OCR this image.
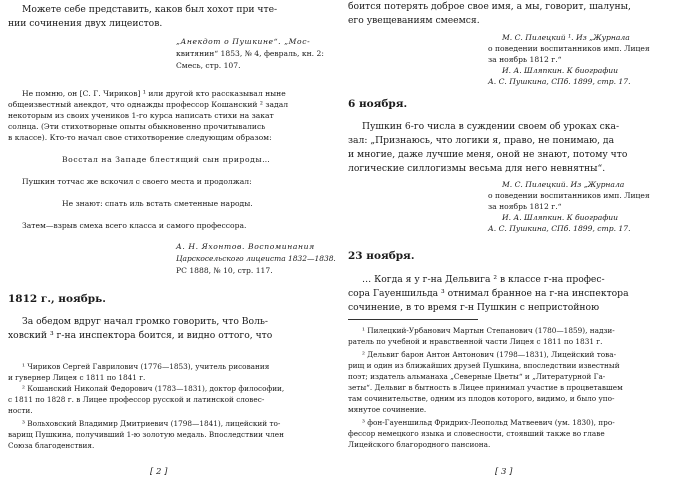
Можете себе представить, каков был хохот при чте-
нии сочинения двух лицеистов.
„Анекдот о Пушкине“. „Мос-
квитянин“ 1853, № 4, февраль, кн. 2:
Смесь, стр. 107.
Не помню, он [С. Г. Чириков] ¹ или другой кто рассказывал нынe
общеизвестный анекдот, что однажды профессор Кошанский ² задал
некоторым из своих учеников 1-го курса написать стихи на закат
солнца. (Эти стихотворные опыты обыкновенно прочитывались
в классе). Кто-то начал свое стихотворение следующим образом:
Восстал на Западе блестящий сын природы…
Пушкин тотчас же вскочил с своего места и продолжал:
Не знают: спать иль встать сметенные народы.
Затем—взрыв смеха всего класса и самого профессора.
А. Н. Яхонтов. Воспоминания
Царскосельского лицеиста 1832—1838.
РС 1888, № 10, стр. 117.
1812 г., ноябрь.
За обедом вдруг начал громко говорить, что Воль-
ховский ³ г-на инспектора боится, и видно оттого, что
¹ Чириков Сергей Гаврилович (1776—1853), учитель рисования
и гувернер Лицея с 1811 по 1841 г.
² Кошанский Николай Федорович (1783—1831), доктор философии,
с 1811 по 1828 г. в Лицее профессор русской и латинской словес-
ности.
³ Вольховский Владимир Дмитриевич (1798—1841), лицейский то-
варищ Пушкина, получивший 1-ю золотую медаль. Впоследствии член
Союза благоденствия.
[ 2 ]
боится потерять доброе свое имя, а мы, говорит, шалуны,
его увещеваниям смеемся.
М. С. Пилецкий ¹. Из „Журнала
о поведении воспитанников имп. Лицея
за ноябрь 1812 г.“
И. А. Шляпкин. К биографии
А. С. Пушкина, СПб. 1899, стр. 17.
6 ноября.
Пушкин 6-го числа в суждении своем об уроках ска-
зал: „Признаюсь, что логики я, право, не понимаю, да
и многие, даже лучшие меня, оной не знают, потому что
логические силлогизмы весьма для него невнятны“.
М. С. Пилецкий. Из „Журнала
о поведении воспитанников имп. Лицея
за ноябрь 1812 г.“
И. А. Шляпкин. К биографии
А. С. Пушкина, СПб. 1899, стр. 17.
23 ноября.
… Когда я у г-на Дельвига ² в классе г-на профес-
сора Гауеншильда ³ отнимал бранное на г-на инспектора
сочинение, в то время г-н Пушкин с непристойною
¹ Пилецкий-Урбанович Мартын Степанович (1780—1859), надзи-
ратель по учебной и нравственной части Лицея с 1811 по 1831 г.
² Дельвиг барон Антон Антонович (1798—1831), Лицейский това-
рищ и один из ближайших друзей Пушкина, впоследствии известный
поэт; издатель альманаха „Северные Цветы“ и „Литературной Га-
зеты“. Дельвиг в бытность в Лицее принимал участие в процветавшем
там сочинительстве, одним из плодов которого, видимо, и было упо-
мянутое сочинение.
³ фон-Гауеншильд Фридрих-Леопольд Матвеевич (ум. 1830), про-
фессор немецкого языка и словесности, стоявший также во главе
Лицейского благородного пансиона.
[ 3 ]
